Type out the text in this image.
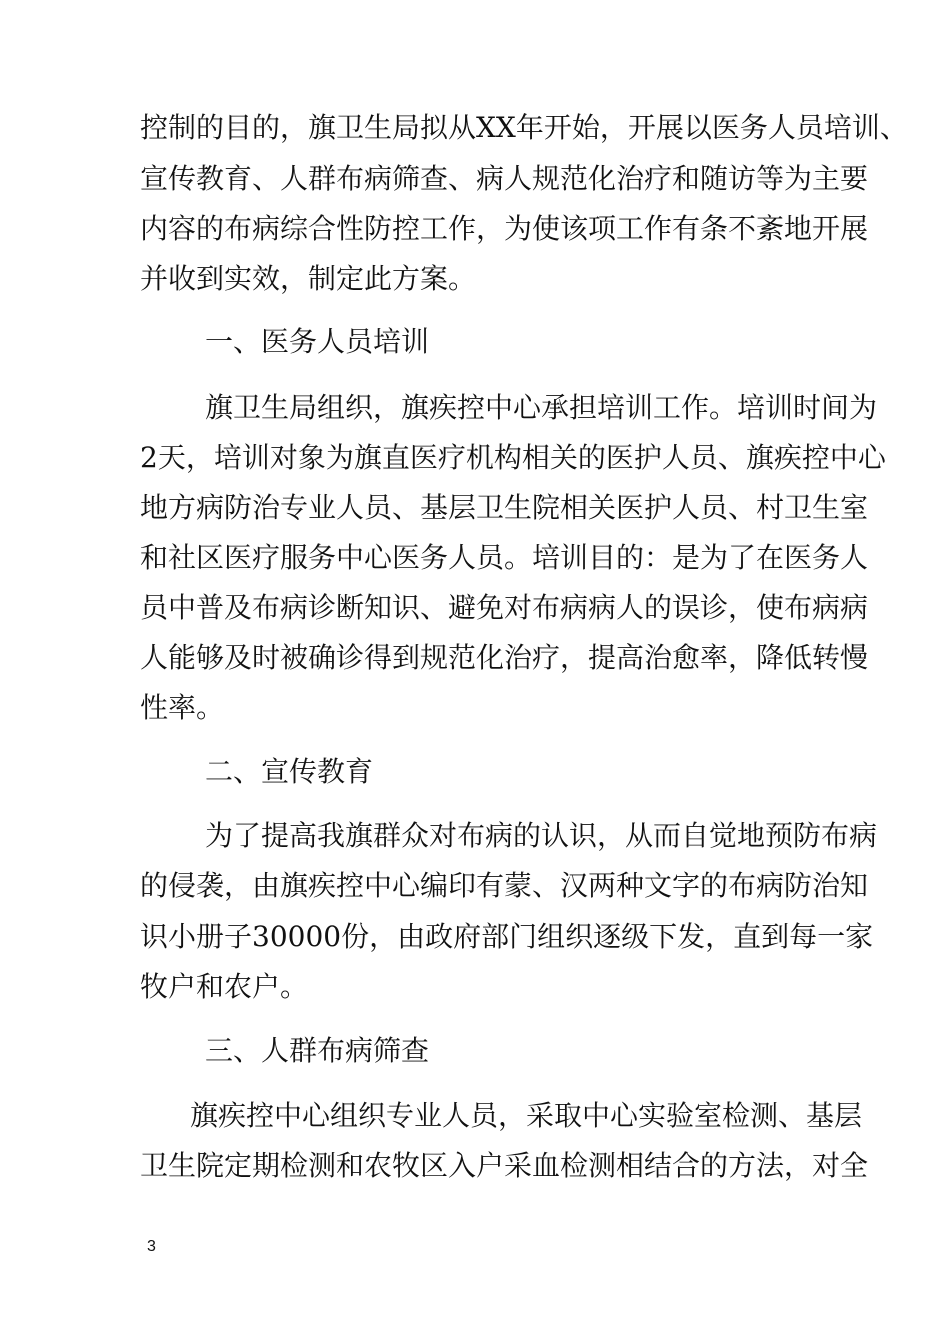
控制的目的，旗卫生局拟从XX年开始，开展以医务人员培训、
宣传教育、人群布病筛查、病人规范化治疗和随访等为主要
内容的布病综合性防控工作，为使该项工作有条不紊地开展
并收到实效，制定此方案。
一、医务人员培训
旗卫生局组织，旗疾控中心承担培训工作。培训时间为
2天，培训对象为旗直医疗机构相关的医护人员、旗疾控中心
地方病防治专业人员、基层卫生院相关医护人员、村卫生室
和社区医疗服务中心医务人员。培训目的：是为了在医务人
员中普及布病诊断知识、避免对布病病人的误诊，使布病病
人能够及时被确诊得到规范化治疗，提高治愈率，降低转慢
性率。
二、宣传教育
为了提高我旗群众对布病的认识，从而自觉地预防布病
的侵袭，由旗疾控中心编印有蒙、汉两种文字的布病防治知
识小册子30000份，由政府部门组织逐级下发，直到每一家
牧户和农户。
三、人群布病筛查
旗疾控中心组织专业人员，采取中心实验室检测、基层
卫生院定期检测和农牧区入户采血检测相结合的方法，对全
3
